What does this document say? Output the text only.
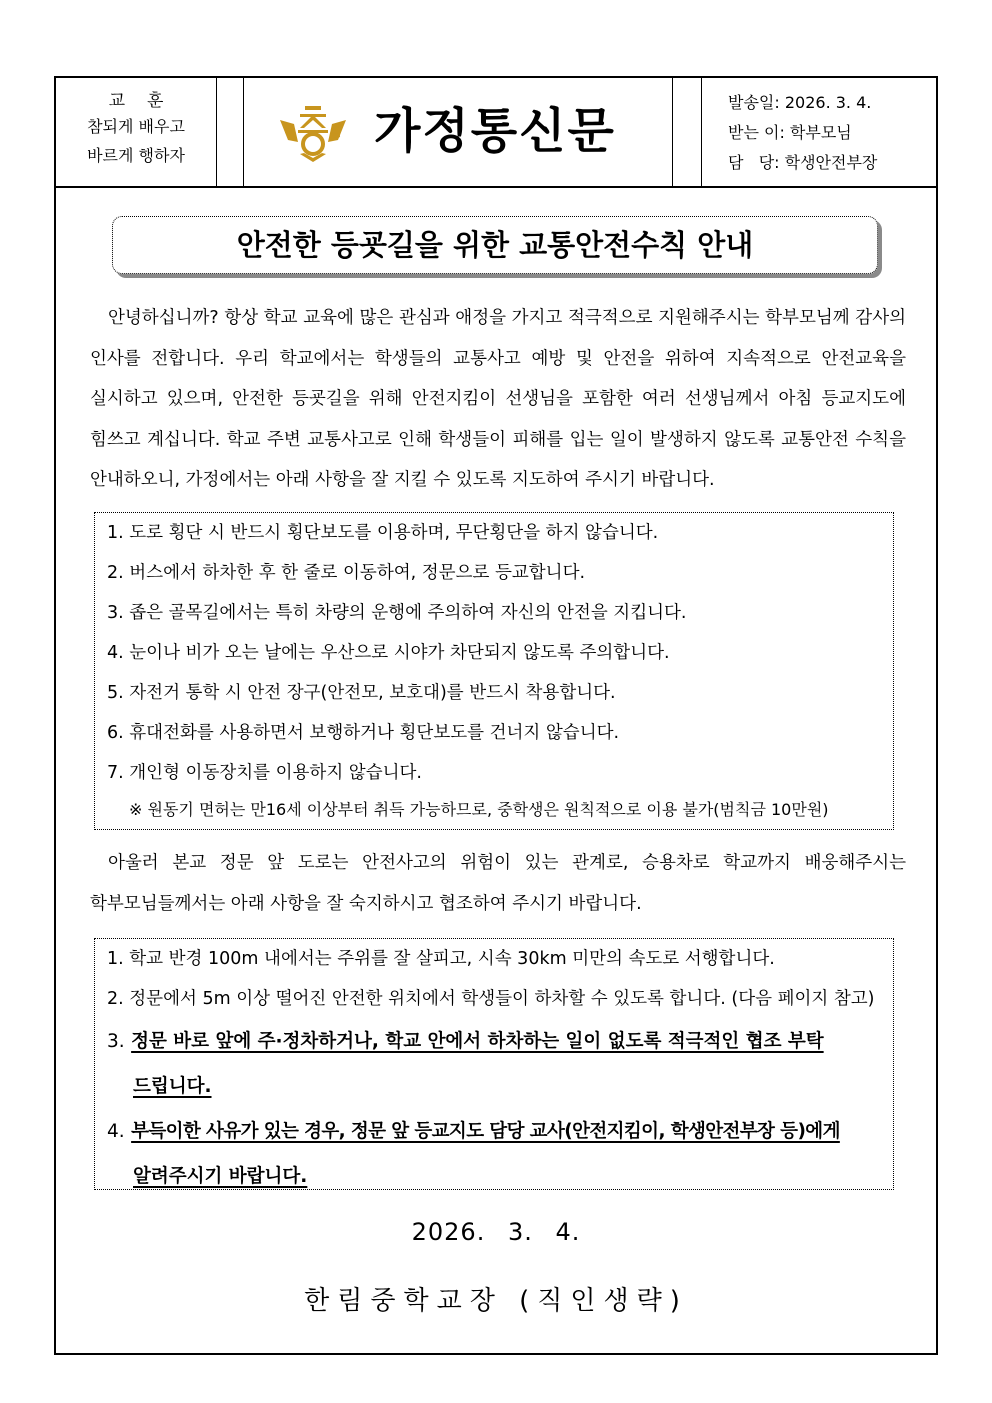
교훈
참되게 배우고
바르게 행하자
한	림 가정통신문
발송일: 2026. 3. 4.
받는 이: 학부모님
담   당: 학생안전부장
안전한 등굣길을 위한 교통안전수칙 안내
안녕하십니까? 항상 학교 교육에 많은 관심과 애정을 가지고 적극적으로 지원해주시는 학부모님께 감사의 인사를 전합니다. 우리 학교에서는 학생들의 교통사고 예방 및 안전을 위하여 지속적으로 안전교육을 실시하고 있으며, 안전한 등굣길을 위해 안전지킴이 선생님을 포함한 여러 선생님께서 아침 등교지도에 힘쓰고 계십니다. 학교 주변 교통사고로 인해 학생들이 피해를 입는 일이 발생하지 않도록 교통안전 수칙을 안내하오니, 가정에서는 아래 사항을 잘 지킬 수 있도록 지도하여 주시기 바랍니다.
1. 도로 횡단 시 반드시 횡단보도를 이용하며, 무단횡단을 하지 않습니다.
2. 버스에서 하차한 후 한 줄로 이동하여, 정문으로 등교합니다.
3. 좁은 골목길에서는 특히 차량의 운행에 주의하여 자신의 안전을 지킵니다.
4. 눈이나 비가 오는 날에는 우산으로 시야가 차단되지 않도록 주의합니다.
5. 자전거 통학 시 안전 장구(안전모, 보호대)를 반드시 착용합니다.
6. 휴대전화를 사용하면서 보행하거나 횡단보도를 건너지 않습니다.
7. 개인형 이동장치를 이용하지 않습니다.
※ 원동기 면허는 만16세 이상부터 취득 가능하므로, 중학생은 원칙적으로 이용 불가(범칙금 10만원)
아울러 본교 정문 앞 도로는 안전사고의 위험이 있는 관계로, 승용차로 학교까지 배웅해주시는 학부모님들께서는 아래 사항을 잘 숙지하시고 협조하여 주시기 바랍니다.
1. 학교 반경 100m 내에서는 주위를 잘 살피고, 시속 30km 미만의 속도로 서행합니다.
2. 정문에서 5m 이상 떨어진 안전한 위치에서 학생들이 하차할 수 있도록 합니다. (다음 페이지 참고)
3. 정문 바로 앞에 주·정차하거나, 학교 안에서 하차하는 일이 없도록 적극적인 협조 부탁
드립니다.
4. 부득이한 사유가 있는 경우, 정문 앞 등교지도 담당 교사(안전지킴이, 학생안전부장 등)에게
알려주시기 바랍니다.
2026. 3. 4.
한림중학교장 (직인생략)
